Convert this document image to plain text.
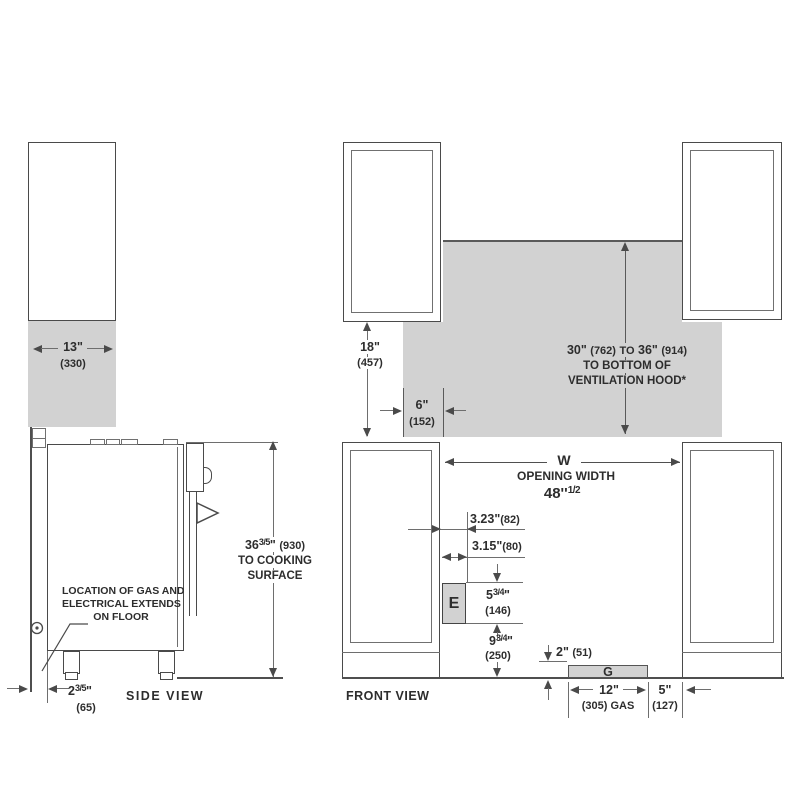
13"
(330)
LOCATION OF GAS AND
ELECTRICAL EXTENDS
ON FLOOR
$36^{3/5}$" (930)
TO COOKING
SURFACE
$2^{3/5}$"
(65)
SIDE VIEW
18"
(457)
6"
(152)
30" (762) TO 36" (914)
TO BOTTOM OF
VENTILATION HOOD*
W
OPENING WIDTH
$48''^{1/2}$
3.23"(82)
3.15"(80)
E	$5^{3/4}$"
(146)
$9^{3/4}$"
(250)	2" (51)
G
12"
(305) GAS
5"
(127)
FRONT VIEW
